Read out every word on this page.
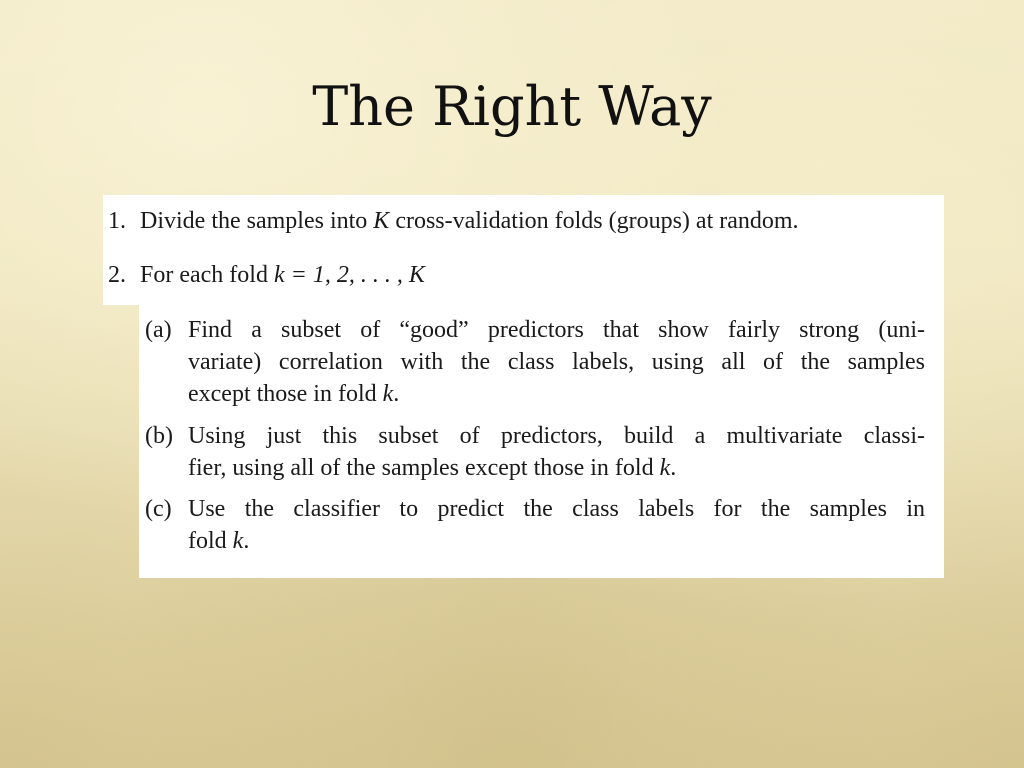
The Right Way
1. Divide the samples into K cross-validation folds (groups) at random.
2. For each fold k = 1, 2, . . . , K
(a) Find a subset of “good” predictors that show fairly strong (uni-
variate) correlation with the class labels, using all of the samples
except those in fold k.
(b) Using just this subset of predictors, build a multivariate classi-
fier, using all of the samples except those in fold k.
(c) Use the classifier to predict the class labels for the samples in
fold k.
